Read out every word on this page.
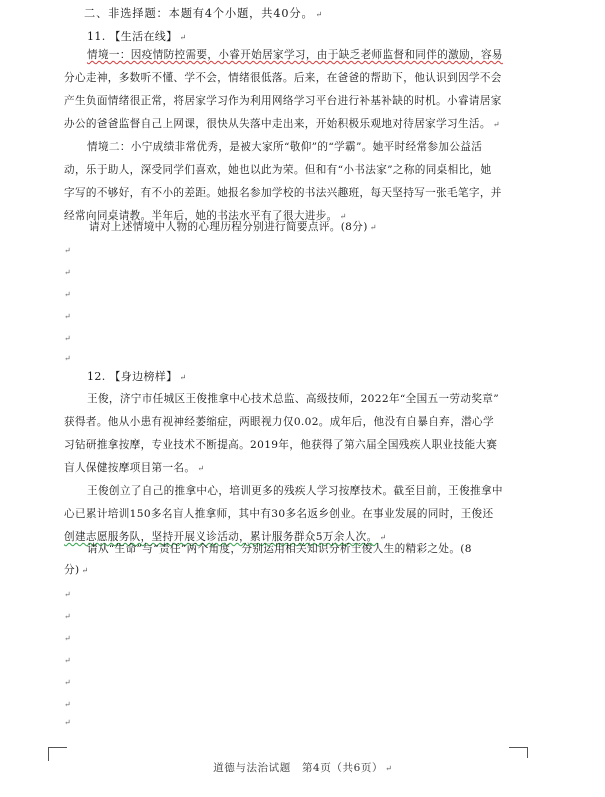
二、非选择题：本题有4个小题，共40分。 ↵
11. 【生活在线】 ↵
情境一：因疫情防控需要，小睿开始居家学习，由于缺乏老师监督和同伴的激励，容易
分心走神，多数听不懂、学不会，情绪很低落。后来，在爸爸的帮助下，他认识到因学不会
产生负面情绪很正常，将居家学习作为利用网络学习平台进行补基补缺的时机。小睿请居家
办公的爸爸监督自己上网课，很快从失落中走出来，开始积极乐观地对待居家学习生活。 ↵
情境二：小宁成绩非常优秀，是被大家所“敬仰”的“学霸”。她平时经常参加公益活
动，乐于助人，深受同学们喜欢，她也以此为荣。但和有“小书法家”之称的同桌相比，她
字写的不够好，有不小的差距。她报名参加学校的书法兴趣班，每天坚持写一张毛笔字，并
经常向同桌请教。半年后，她的书法水平有了很大进步。 ↵
请对上述情境中人物的心理历程分别进行简要点评。(8分) ↵
↵
↵
↵
↵
↵
↵
12. 【身边榜样】 ↵
王俊，济宁市任城区王俊推拿中心技术总监、高级技师，2022年“全国五一劳动奖章”
获得者。他从小患有视神经萎缩症，两眼视力仅0.02。成年后，他没有自暴自弃，潜心学
习钻研推拿按摩，专业技术不断提高。2019年，他获得了第六届全国残疾人职业技能大赛
盲人保健按摩项目第一名。 ↵
王俊创立了自己的推拿中心，培训更多的残疾人学习按摩技术。截至目前，王俊推拿中
心已累计培训150多名盲人推拿师，其中有30多名返乡创业。在事业发展的同时，王俊还
创建志愿服务队，坚持开展义诊活动，累计服务群众5万余人次。 ↵
请从“生命”与“责任”两个角度，分别运用相关知识分析王俊人生的精彩之处。(8
分) ↵
↵
↵
↵
↵
↵
↵
↵
道德与法治试题　第4页（共6页） ↵
